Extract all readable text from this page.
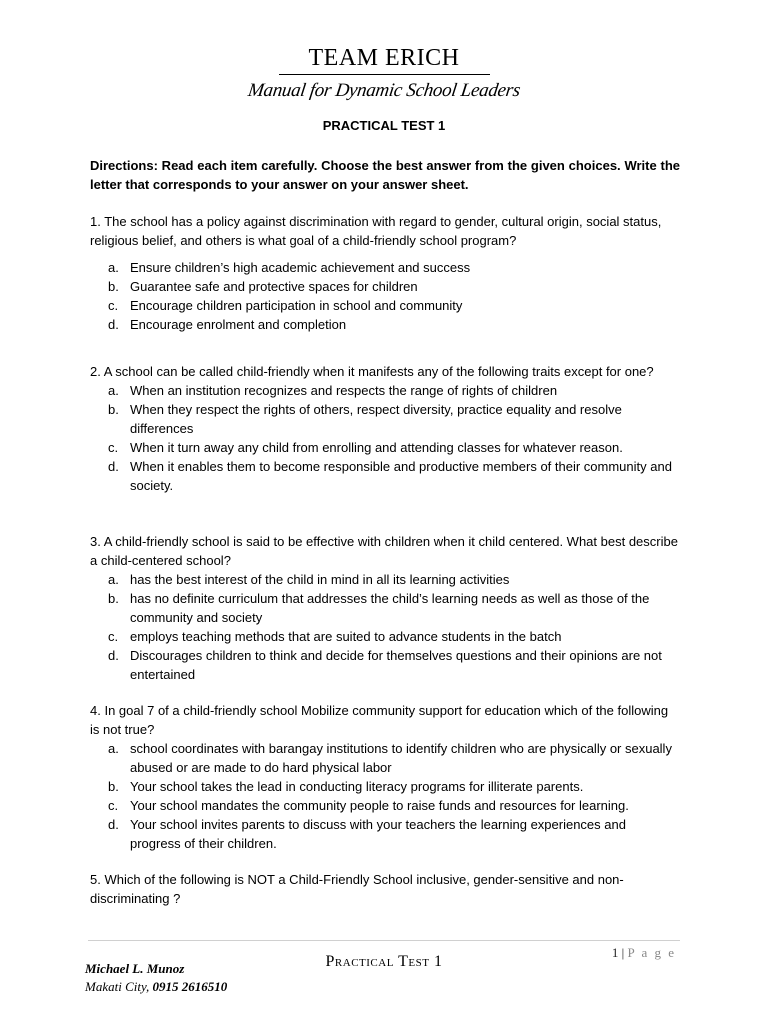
TEAM ERICH
Manual for Dynamic School Leaders
PRACTICAL TEST 1
Directions: Read each item carefully. Choose the best answer from the given choices. Write the letter that corresponds to your answer on your answer sheet.
1. The school has a policy against discrimination with regard to gender, cultural origin, social status, religious belief, and others is what goal of a child-friendly school program?
a. Ensure children’s high academic achievement and success
b. Guarantee safe and protective spaces for children
c. Encourage children participation in school and community
d. Encourage enrolment and completion
2. A school can be called child-friendly when it manifests any of the following traits except for one?
a. When an institution recognizes and respects the range of rights of children
b. When they respect the rights of others, respect diversity, practice equality and resolve differences
c. When it turn away any child from enrolling and attending classes for whatever reason.
d. When it enables them to become responsible and productive members of their community and society.
3. A child-friendly school is said to be effective with children when it child centered. What best describe a child-centered school?
a. has the best interest of the child in mind in all its learning activities
b. has no definite curriculum that addresses the child’s learning needs as well as those of the community and society
c. employs teaching methods that are suited to advance students in the batch
d. Discourages children to think and decide for themselves questions and their opinions are not entertained
4. In goal 7 of a child-friendly school Mobilize community support for education which of the following is not true?
a. school coordinates with barangay institutions to identify children who are physically or sexually abused or are made to do hard physical labor
b. Your school takes the lead in conducting literacy programs for illiterate parents.
c. Your school mandates the community people to raise funds and resources for learning.
d. Your school invites parents to discuss with your teachers the learning experiences and progress of their children.
5. Which of the following is NOT a Child-Friendly School inclusive, gender-sensitive and non-discriminating ?
1 | P a g e
Practical Test 1
Michael L. Munoz
Makati City, 0915 2616510
